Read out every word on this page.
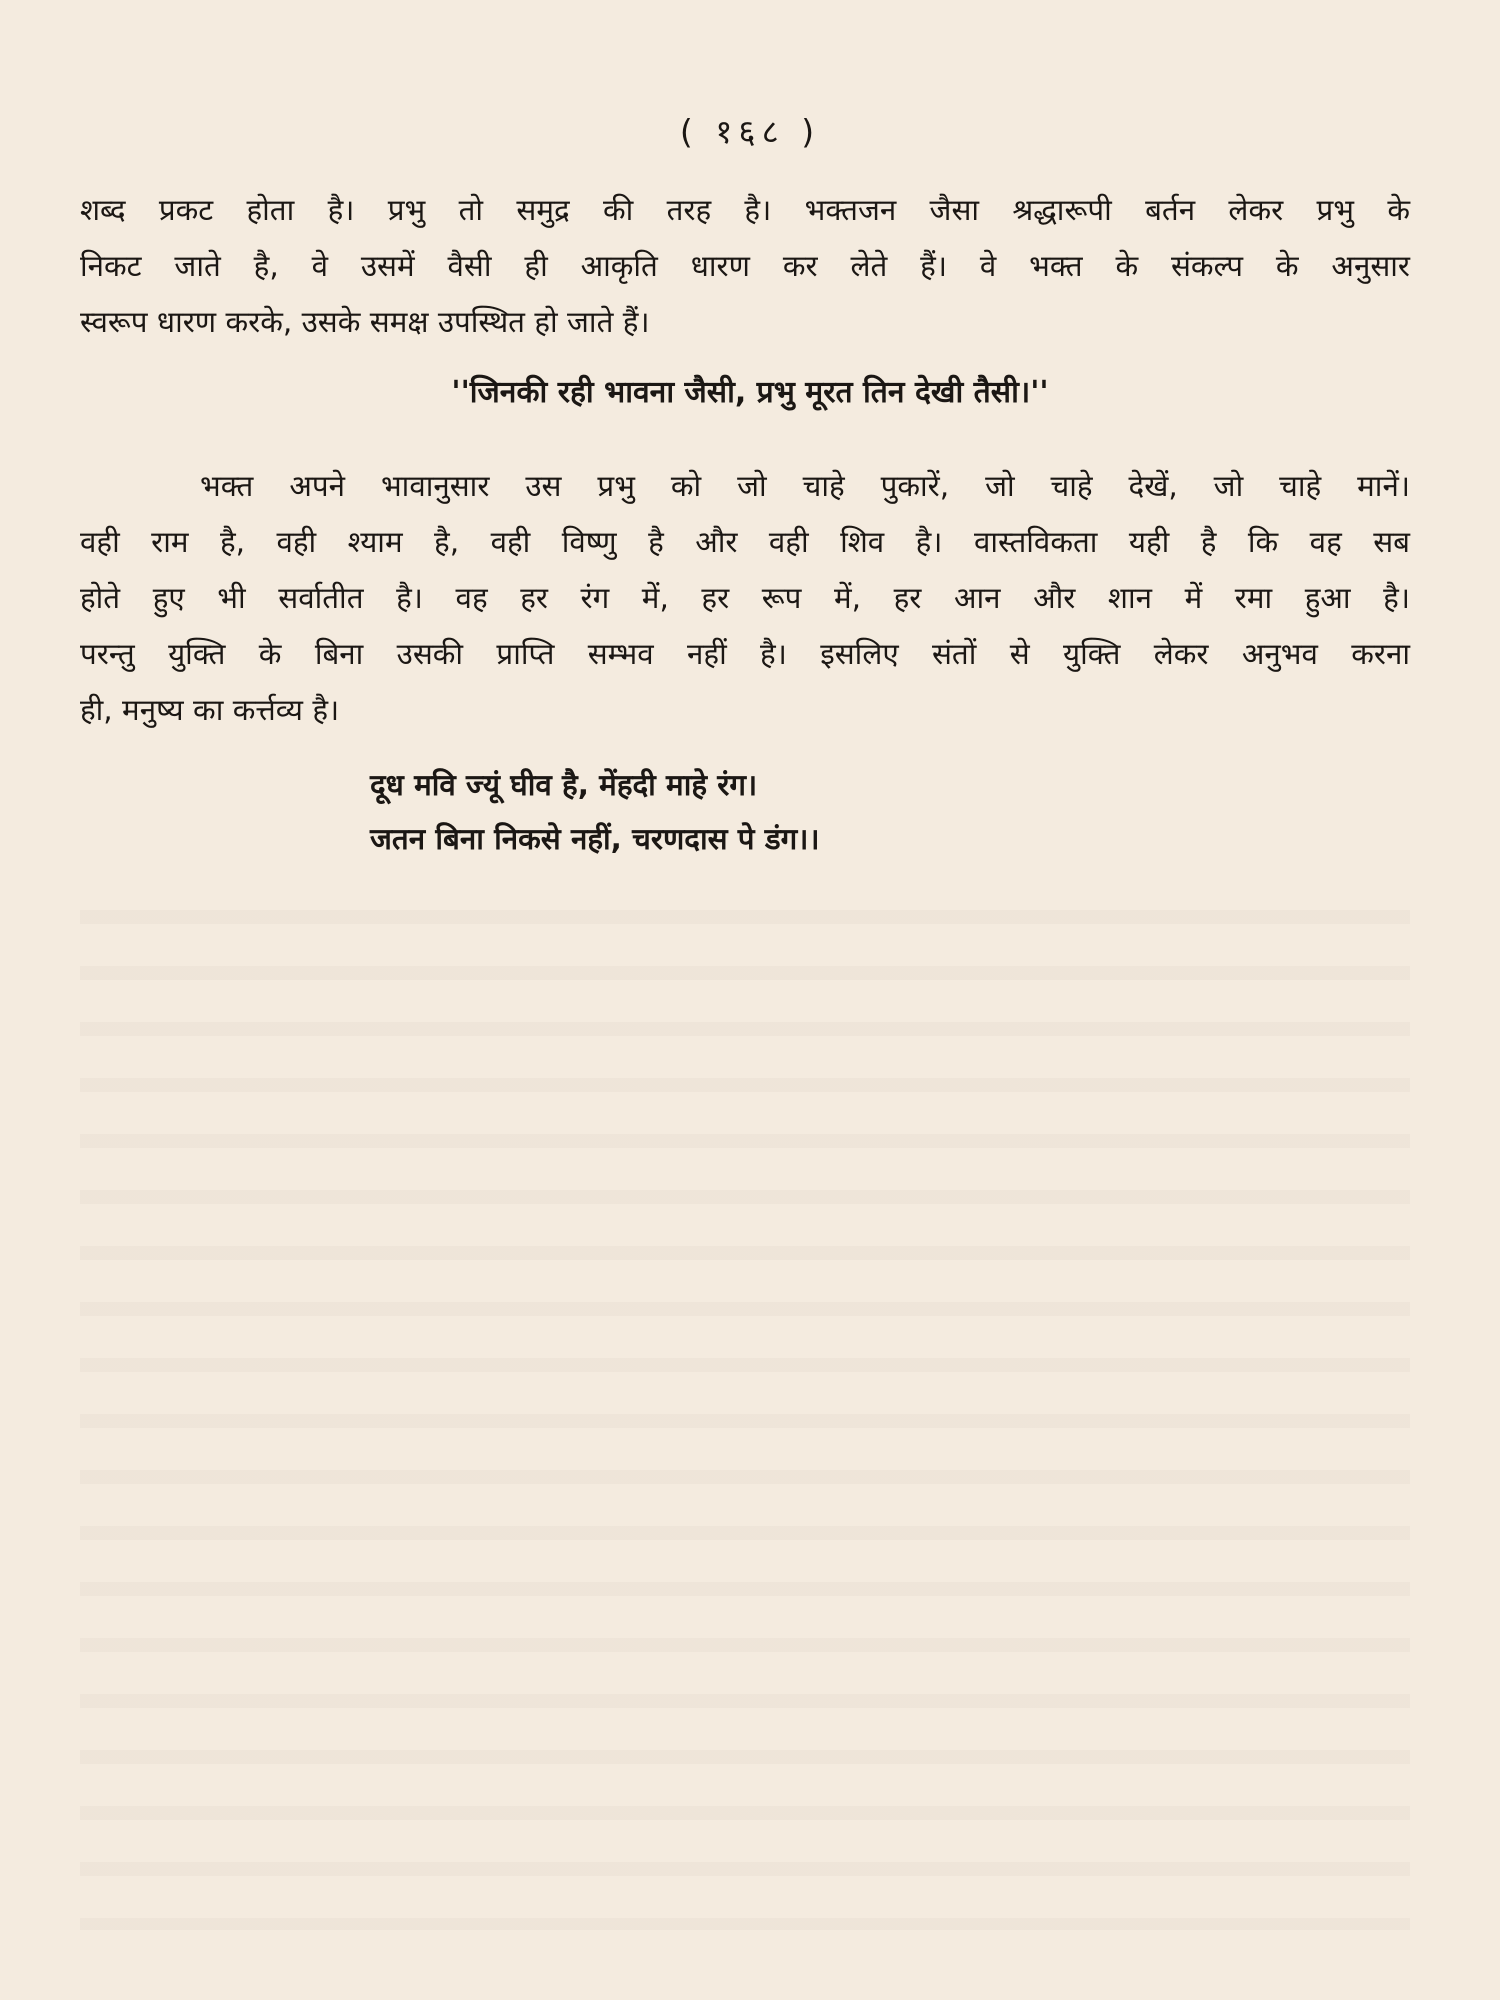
( १६८ )
शब्द प्रकट होता है। प्रभु तो समुद्र की तरह है। भक्तजन जैसा श्रद्धारूपी बर्तन लेकर प्रभु के
निकट जाते है, वे उसमें वैसी ही आकृति धारण कर लेते हैं। वे भक्त के संकल्प के अनुसार
स्वरूप धारण करके, उसके समक्ष उपस्थित हो जाते हैं।
''जिनकी रही भावना जैसी, प्रभु मूरत तिन देखी तैसी।''
भक्त अपने भावानुसार उस प्रभु को जो चाहे पुकारें, जो चाहे देखें, जो चाहे मानें।
वही राम है, वही श्याम है, वही विष्णु है और वही शिव है। वास्तविकता यही है कि वह सब
होते हुए भी सर्वातीत है। वह हर रंग में, हर रूप में, हर आन और शान में रमा हुआ है।
परन्तु युक्ति के बिना उसकी प्राप्ति सम्भव नहीं है। इसलिए संतों से युक्ति लेकर अनुभव करना
ही, मनुष्य का कर्त्तव्य है।
दूध मवि ज्यूं घीव है, मेंहदी माहे रंग।
जतन बिना निकसे नहीं, चरणदास पे डंग।।
